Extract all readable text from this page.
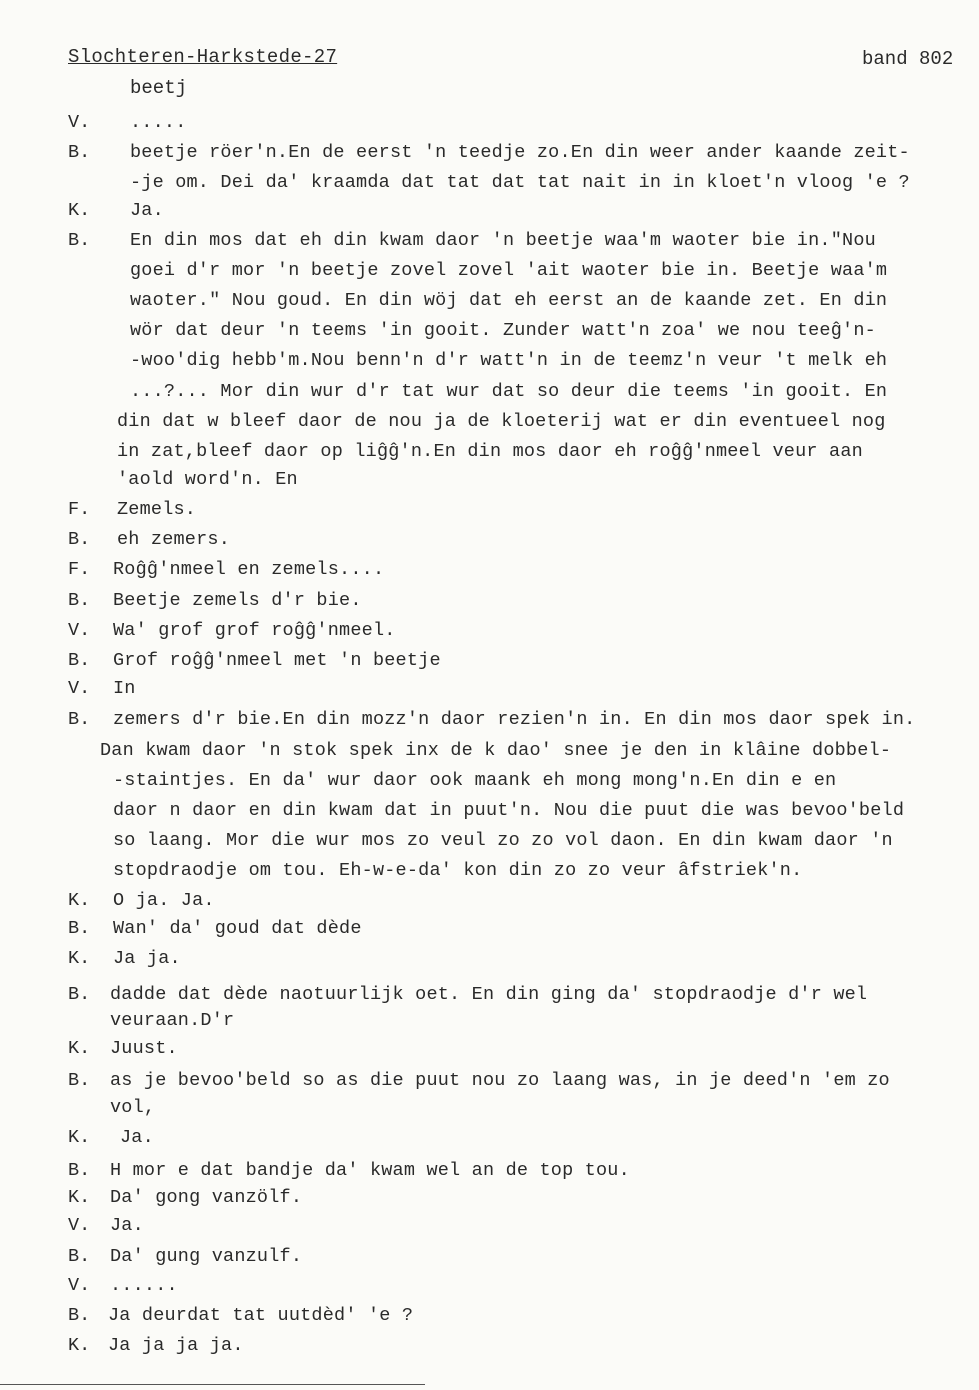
Slochteren-Harkstede-27	band 802
beetj
V. .....
B. beetje röer'n.En de eerst 'n teedje zo.En din weer ander kaande zeit-
-je om. Dei da' kraamda dat tat dat tat nait in in kloet'n vloog 'e ?
K. Ja.
B. En din mos dat eh din kwam daor 'n beetje waa'm waoter bie in."Nou
goei d'r mor 'n beetje zovel zovel 'ait waoter bie in. Beetje waa'm
waoter." Nou goud. En din wöj dat eh eerst an de kaande zet. En din
wör dat deur 'n teems 'in gooit. Zunder watt'n zoa' we nou teeĝ'n-
-woo'dig hebb'm.Nou benn'n d'r watt'n in de teemz'n veur 't melk eh
...?... Mor din wur d'r tat wur dat so deur die teems 'in gooit. En
din dat w bleef daor de nou ja de kloeterij wat er din eventueel nog
in zat,bleef daor op liĝĝ'n.En din mos daor eh roĝĝ'nmeel veur aan
'aold word'n. En
F. Zemels.
B. eh zemers.
F. Roĝĝ'nmeel en zemels....
B. Beetje zemels d'r bie.
V. Wa' grof grof roĝĝ'nmeel.
B. Grof roĝĝ'nmeel met 'n beetje
V. In
B. zemers d'r bie.En din mozz'n daor rezien'n in. En din mos daor spek in.
Dan kwam daor 'n stok spek inx de k dao' snee je den in klâine dobbel-
-staintjes. En da' wur daor ook maank eh mong mong'n.En din e en
daor n daor en din kwam dat in puut'n. Nou die puut die was bevoo'beld
so laang. Mor die wur mos zo veul zo zo vol daon. En din kwam daor 'n
stopdraodje om tou. Eh-w-e-da' kon din zo zo veur âfstriek'n.
K. O ja. Ja.
B. Wan' da' goud dat dède
K. Ja ja.
B. dadde dat dède naotuurlijk oet. En din ging da' stopdraodje d'r wel
veuraan.D'r
K. Juust.
B. as je bevoo'beld so as die puut nou zo laang was, in je deed'n 'em zo
vol,
K. Ja.
B. H mor e dat bandje da' kwam wel an de top tou.
K. Da' gong vanzölf.
V. Ja.
B. Da' gung vanzulf.
V. ......
B. Ja deurdat tat uutdèd' 'e ?
K. Ja ja ja ja.
